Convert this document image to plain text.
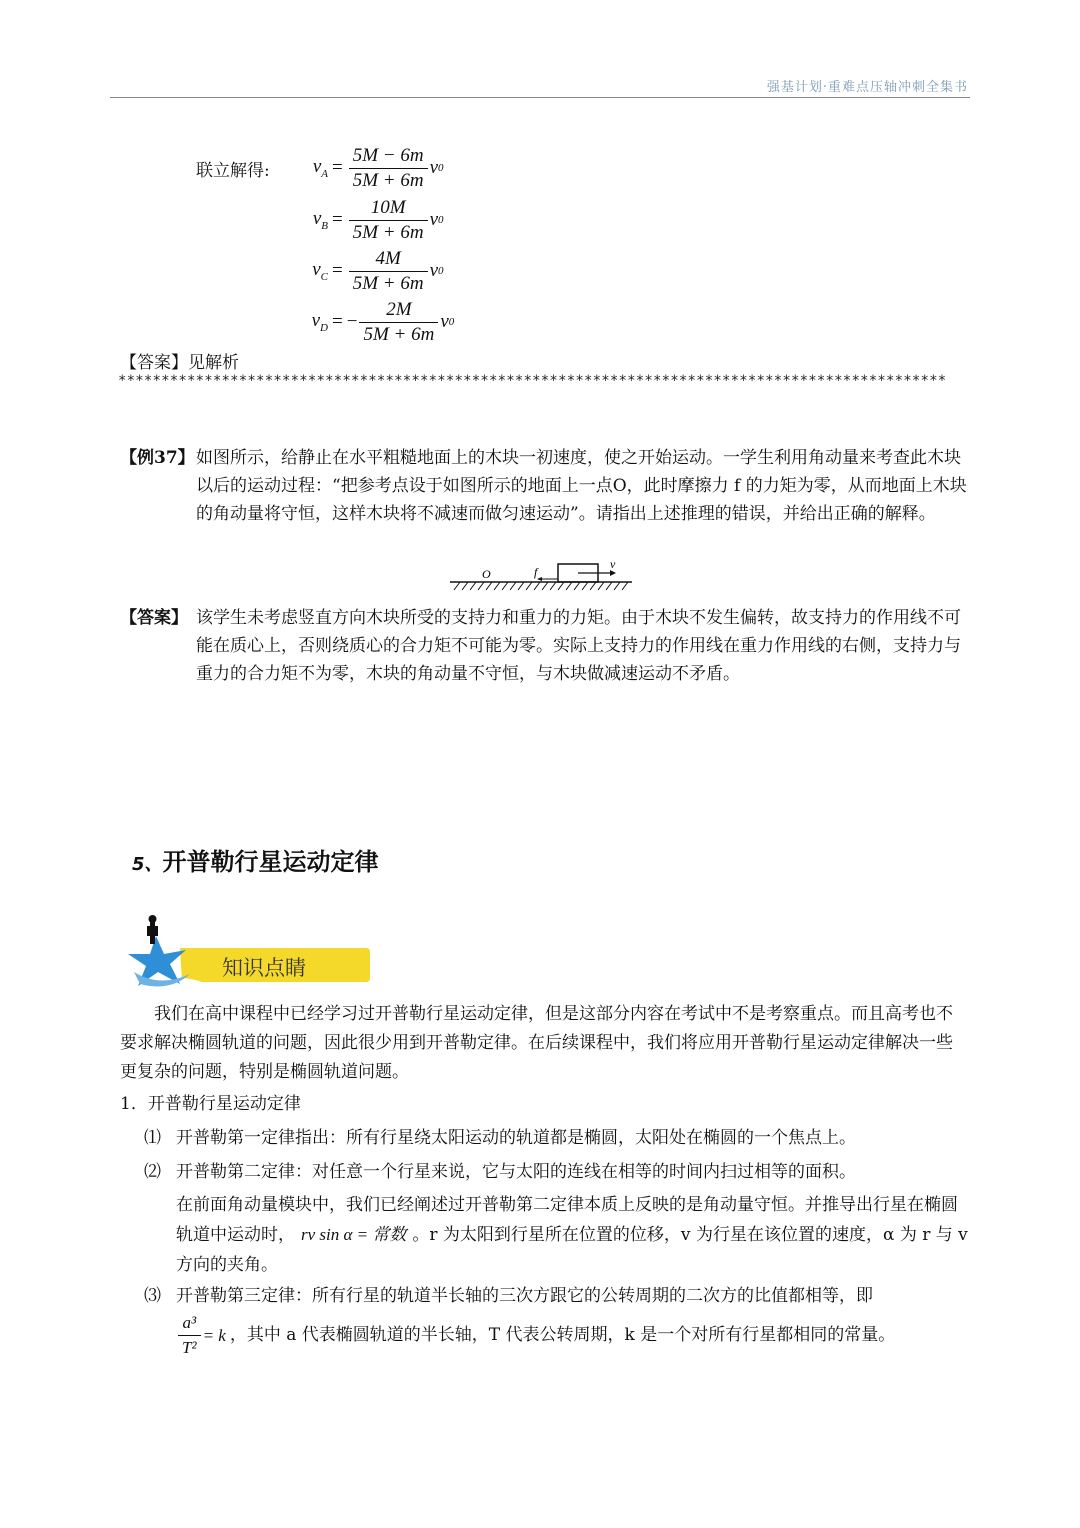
强基计划·重难点压轴冲刺全集书
联立解得:	$v_A = \frac{5M - 6m}{5M + 6m}$ v 0
$v_B = \frac{10M}{5M + 6m}$ v 0
$v_C = \frac{4M}{5M + 6m}$ v 0
$v_D$ = − $\frac{2M}{5M + 6m}$ v 0
【答案】见解析
************************************************************************************************
【例37】 如图所示，给静止在水平粗糙地面上的木块一初速度，使之开始运动。一学生利用角动量来考查此木块以后的运动过程：“把参考点设于如图所示的地面上一点O，此时摩擦力 f 的力矩为零，从而地面上木块的角动量将守恒，这样木块将不减速而做匀速运动”。请指出上述推理的错误，并给出正确的解释。
O	f
v
【答案】 该学生未考虑竖直方向木块所受的支持力和重力的力矩。由于木块不发生偏转，故支持力的作用线不可能在质心上，否则绕质心的合力矩不可能为零。实际上支持力的作用线在重力作用线的右侧，支持力与重力的合力矩不为零，木块的角动量不守恒，与木块做减速运动不矛盾。
5、开普勒行星运动定律
知识点睛
我们在高中课程中已经学习过开普勒行星运动定律，但是这部分内容在考试中不是考察重点。而且高考也不要求解决椭圆轨道的问题，因此很少用到开普勒定律。在后续课程中，我们将应用开普勒行星运动定律解决一些更复杂的问题，特别是椭圆轨道问题。
1．开普勒行星运动定律
⑴ 开普勒第一定律指出：所有行星绕太阳运动的轨道都是椭圆，太阳处在椭圆的一个焦点上。
⑵ 开普勒第二定律：对任意一个行星来说，它与太阳的连线在相等的时间内扫过相等的面积。
在前面角动量模块中，我们已经阐述过开普勒第二定律本质上反映的是角动量守恒。并推导出行星在椭圆轨道中运动时， rv sin α = 常数 。r 为太阳到行星所在位置的位移，v 为行星在该位置的速度，α 为 r 与 v 方向的夹角。
⑶ 开普勒第三定律：所有行星的轨道半长轴的三次方跟它的公转周期的二次方的比值都相等，即
$\frac{\text{a³}}{\text{T²}} = k$ ，其中 a 代表椭圆轨道的半长轴，T 代表公转周期，k 是一个对所有行星都相同的常量。
